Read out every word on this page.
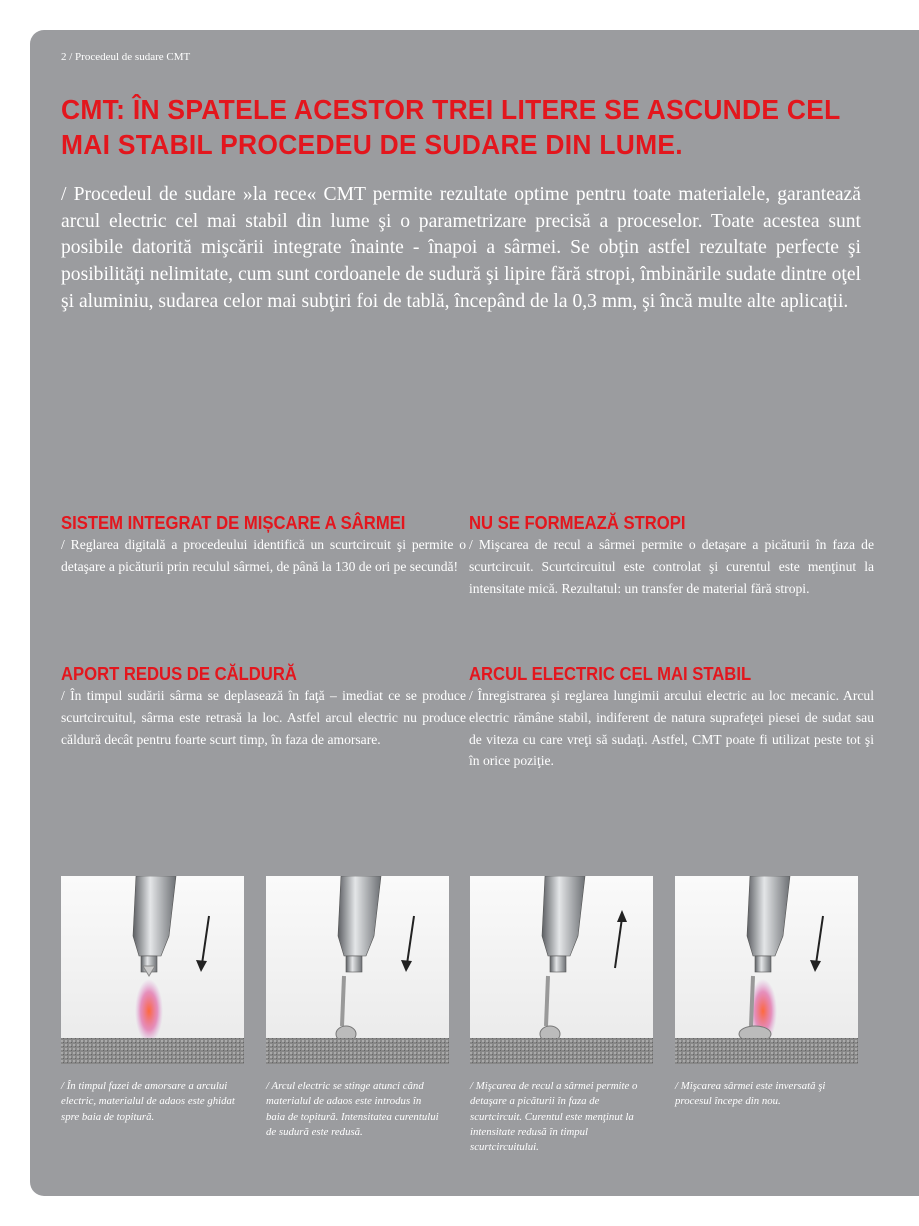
2 / Procedeul de sudare CMT
CMT: ÎN SPATELE ACESTOR TREI LITERE SE ASCUNDE CEL MAI STABIL PROCEDEU DE SUDARE DIN LUME.
/ Procedeul de sudare »la rece« CMT permite rezultate optime pentru toate materialele, garantează arcul electric cel mai stabil din lume şi o parametrizare precisă a proceselor. Toate acestea sunt posibile datorită mişcării integrate înainte - înapoi a sârmei. Se obţin astfel rezultate perfecte şi posibilităţi nelimitate, cum sunt cordoanele de sudură şi lipire fără stropi, îmbinările sudate dintre oţel şi aluminiu, sudarea celor mai subţiri foi de tablă, începând de la 0,3 mm, şi încă multe alte aplicaţii.
SISTEM INTEGRAT DE MIȘCARE A SÂRMEI

/ Reglarea digitală a procedeului identifică un scurtcircuit şi permite o detaşare a picăturii prin reculul sârmei, de până la 130 de ori pe secundă!

NU SE FORMEAZĂ STROPI

/ Mişcarea de recul a sârmei permite o detaşare a picăturii în faza de scurtcircuit. Scurtcircuitul este controlat şi curentul este menţinut la intensitate mică. Rezultatul: un transfer de material fără stropi.

APORT REDUS DE CĂLDURĂ

/ În timpul sudării sârma se deplasează în faţă – imediat ce se produce scurtcircuitul, sârma este retrasă la loc. Astfel arcul electric nu produce căldură decât pentru foarte scurt timp, în faza de amorsare.

ARCUL ELECTRIC CEL MAI STABIL

/ Înregistrarea şi reglarea lungimii arcului electric au loc mecanic. Arcul electric rămâne stabil, indiferent de natura suprafeţei piesei de sudat sau de viteza cu care vreţi să sudaţi. Astfel, CMT poate fi utilizat peste tot şi în orice poziţie.

/ În timpul fazei de amorsare a arcului electric, materialul de adaos este ghidat spre baia de topitură.
/ Arcul electric se stinge atunci când materialul de adaos este introdus în baia de topitură. Intensitatea curentului de sudură este redusă.
/ Mişcarea de recul a sârmei permite o detaşare a picăturii în faza de scurtcircuit. Curentul este menţinut la intensitate redusă în timpul scurtcircuitului.
/ Mişcarea sârmei este inversată şi procesul începe din nou.
